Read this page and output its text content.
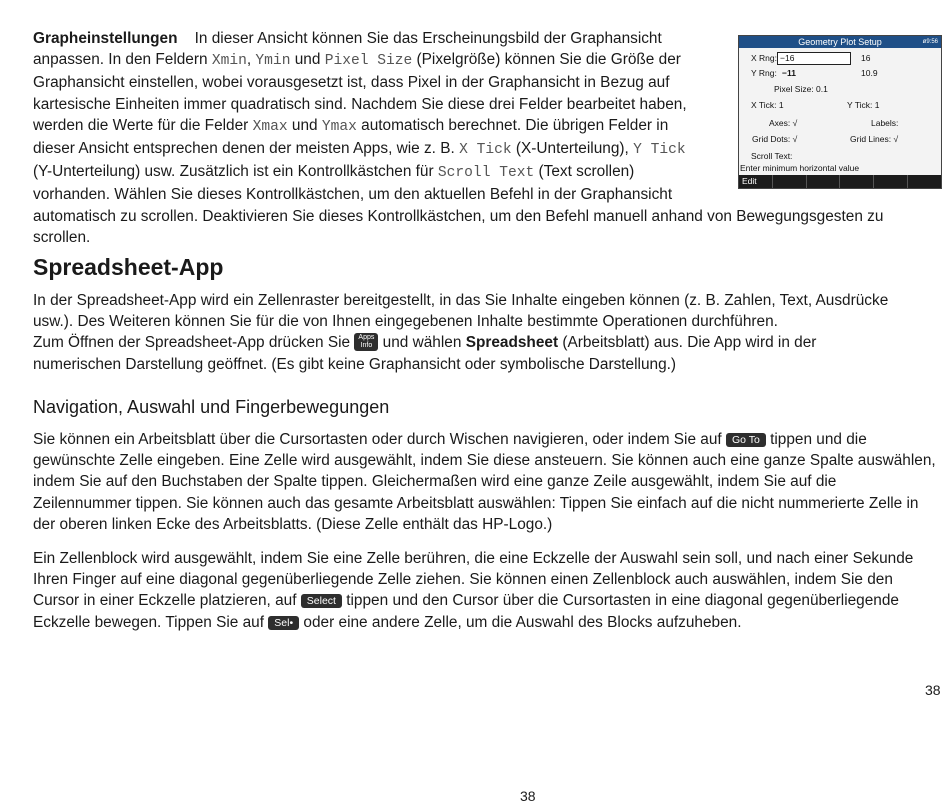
Grapheinstellungen In dieser Ansicht können Sie das Erscheinungsbild der Graphansicht anpassen. In den Feldern Xmin, Ymin und Pixel Size (Pixelgröße) können Sie die Größe der Graphansicht einstellen, wobei vorausgesetzt ist, dass Pixel in der Graphansicht in Bezug auf kartesische Einheiten immer quadratisch sind. Nachdem Sie diese drei Felder bearbeitet haben, werden die Werte für die Felder Xmax und Ymax automatisch berechnet. Die übrigen Felder in dieser Ansicht entsprechen denen der meisten Apps, wie z. B. X Tick (X-Unterteilung), Y Tick (Y-Unterteilung) usw. Zusätzlich ist ein Kontrollkästchen für Scroll Text (Text scrollen) vorhanden. Wählen Sie dieses Kontrollkästchen, um den aktuellen Befehl in der Graphansicht automatisch zu scrollen. Deaktivieren Sie dieses Kontrollkästchen, um den Befehl manuell anhand von Bewegungsgesten zu scrollen.

Geometry Plot Setup	ø9:56
X Rng: −16	16
Y Rng: −11	10.9
Pixel Size: 0.1
X Tick: 1	Y Tick: 1
Axes: √	Labels:
Grid Dots: √	Grid Lines: √
Scroll Text:
Enter minimum horizontal value
Edit
Spreadsheet-App

In der Spreadsheet-App wird ein Zellenraster bereitgestellt, in das Sie Inhalte eingeben können (z. B. Zahlen, Text, Ausdrücke usw.). Des Weiteren können Sie für die von Ihnen eingegebenen Inhalte bestimmte Operationen durchführen.
Zum Öffnen der Spreadsheet-App drücken Sie Apps
Info und wählen Spreadsheet (Arbeitsblatt) aus. Die App wird in der numerischen Darstellung geöffnet. (Es gibt keine Graphansicht oder symbolische Darstellung.)

Navigation, Auswahl und Fingerbewegungen

Sie können ein Arbeitsblatt über die Cursortasten oder durch Wischen navigieren, oder indem Sie auf Go To tippen und die gewünschte Zelle eingeben. Eine Zelle wird ausgewählt, indem Sie diese ansteuern. Sie können auch eine ganze Spalte auswählen, indem Sie auf den Buchstaben der Spalte tippen. Gleichermaßen wird eine ganze Zeile ausgewählt, indem Sie auf die Zeilennummer tippen. Sie können auch das gesamte Arbeitsblatt auswählen: Tippen Sie einfach auf die nicht nummerierte Zelle in der oberen linken Ecke des Arbeitsblatts. (Diese Zelle enthält das HP-Logo.)

Ein Zellenblock wird ausgewählt, indem Sie eine Zelle berühren, die eine Eckzelle der Auswahl sein soll, und nach einer Sekunde Ihren Finger auf eine diagonal gegenüberliegende Zelle ziehen. Sie können einen Zellenblock auch auswählen, indem Sie den Cursor in einer Eckzelle platzieren, auf Select tippen und den Cursor über die Cursortasten in eine diagonal gegenüberliegende Eckzelle bewegen. Tippen Sie auf Sel• oder eine andere Zelle, um die Auswahl des Blocks aufzuheben.

38
38
